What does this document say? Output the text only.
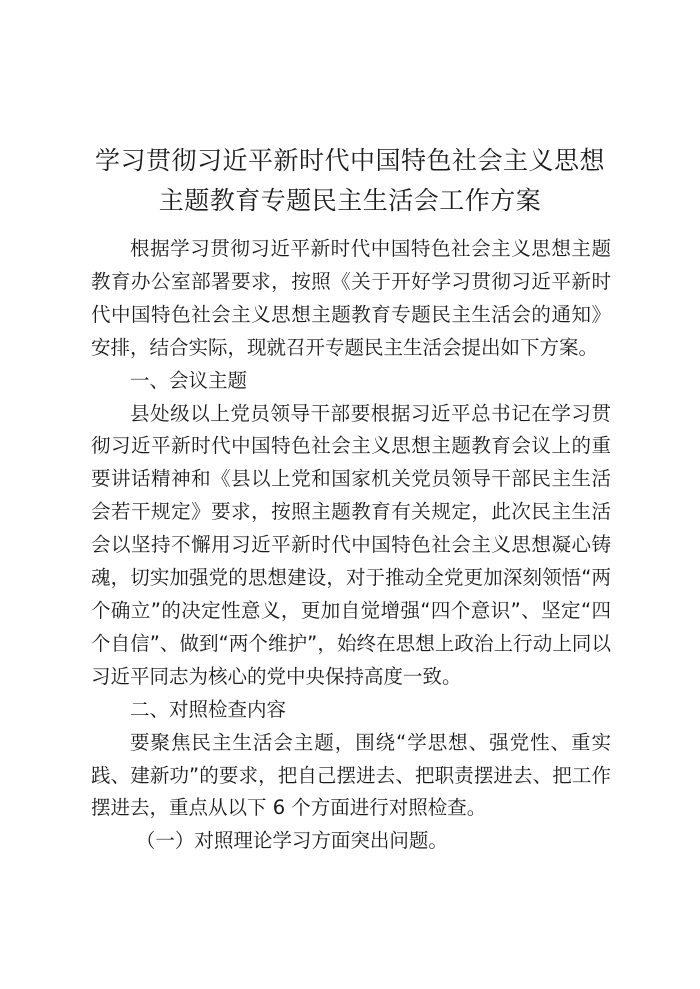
学习贯彻习近平新时代中国特色社会主义思想
主题教育专题民主生活会工作方案

根据学习贯彻习近平新时代中国特色社会主义思想主题教育办公室部署要求，按照《关于开好学习贯彻习近平新时代中国特色社会主义思想主题教育专题民主生活会的通知》安排，结合实际，现就召开专题民主生活会提出如下方案。

一、会议主题

县处级以上党员领导干部要根据习近平总书记在学习贯彻习近平新时代中国特色社会主义思想主题教育会议上的重要讲话精神和《县以上党和国家机关党员领导干部民主生活会若干规定》要求，按照主题教育有关规定，此次民主生活会以坚持不懈用习近平新时代中国特色社会主义思想凝心铸魂，切实加强党的思想建设，对于推动全党更加深刻领悟“两个确立”的决定性意义，更加自觉增强“四个意识”、坚定“四个自信”、做到“两个维护”，始终在思想上政治上行动上同以习近平同志为核心的党中央保持高度一致。

二、对照检查内容

要聚焦民主生活会主题，围绕“学思想、强党性、重实践、建新功”的要求，把自己摆进去、把职责摆进去、把工作摆进去，重点从以下 6 个方面进行对照检查。

（一）对照理论学习方面突出问题。
